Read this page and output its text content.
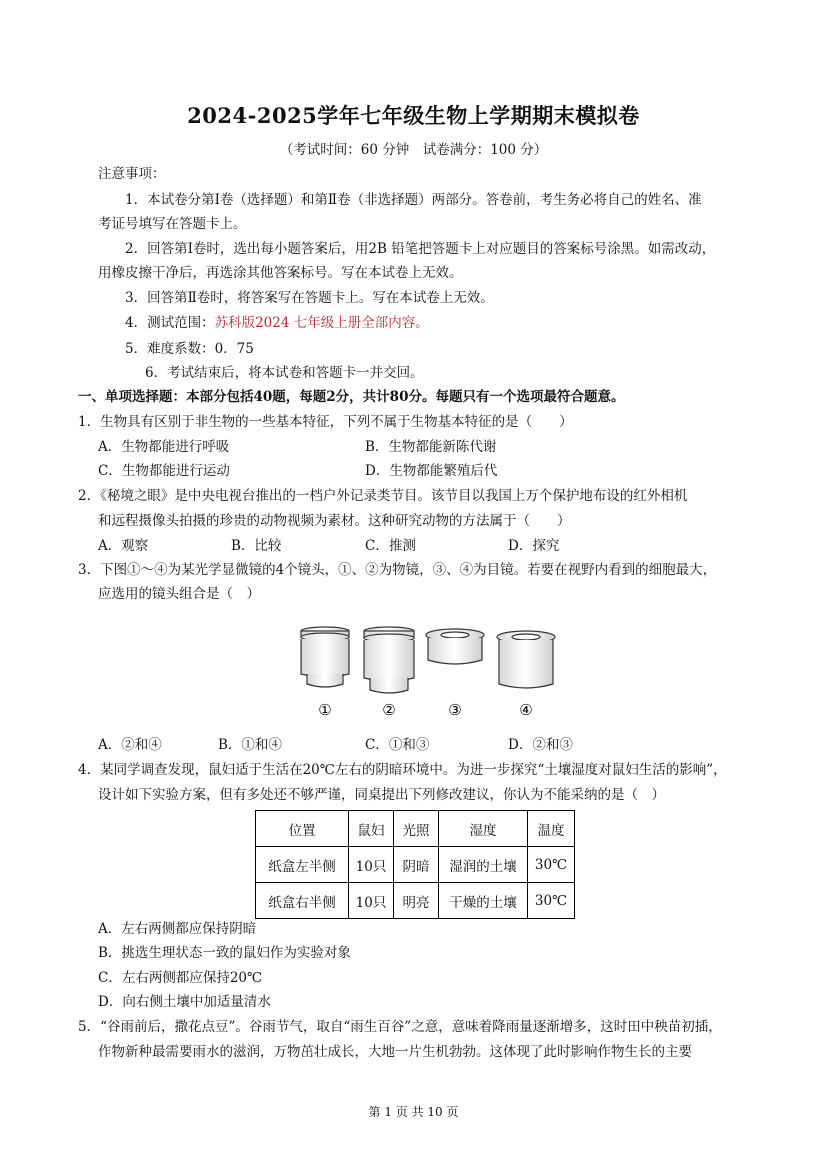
2024-2025学年七年级生物上学期期末模拟卷
（考试时间：60 分钟　试卷满分：100 分）
注意事项：
1．本试卷分第Ⅰ卷（选择题）和第Ⅱ卷（非选择题）两部分。答卷前，考生务必将自己的姓名、准
考证号填写在答题卡上。
2．回答第Ⅰ卷时，选出每小题答案后，用2B 铅笔把答题卡上对应题目的答案标号涂黑。如需改动，
用橡皮擦干净后，再选涂其他答案标号。写在本试卷上无效。
3．回答第Ⅱ卷时，将答案写在答题卡上。写在本试卷上无效。
4．测试范围：苏科版2024 七年级上册全部内容。
5．难度系数：0．75
6．考试结束后，将本试卷和答题卡一并交回。
一、单项选择题：本部分包括40题，每题2分，共计80分。每题只有一个选项最符合题意。
1．生物具有区别于非生物的一些基本特征，下列不属于生物基本特征的是（　　）
A．生物都能进行呼吸	B．生物都能新陈代谢
C．生物都能进行运动	D．生物都能繁殖后代
2．《秘境之眼》是中央电视台推出的一档户外记录类节目。该节目以我国上万个保护地布设的红外相机
和远程摄像头拍摄的珍贵的动物视频为素材。这种研究动物的方法属于（　　）
A．观察	B．比较	C．推测	D．探究
3．下图①～④为某光学显微镜的4个镜头，①、②为物镜，③、④为目镜。若要在视野内看到的细胞最大，
应选用的镜头组合是（　）
①	②	③	④
A．②和④	B．①和④	C．①和③	D．②和③
4．某同学调查发现，鼠妇适于生活在20℃左右的阴暗环境中。为进一步探究“土壤湿度对鼠妇生活的影响”，
设计如下实验方案，但有多处还不够严谨，同桌提出下列修改建议，你认为不能采纳的是（　）
位置	鼠妇	光照	湿度	温度
纸盒左半侧	10只	阴暗	湿润的土壤	30℃
纸盒右半侧	10只	明亮	干燥的土壤	30℃
A．左右两侧都应保持阴暗
B．挑选生理状态一致的鼠妇作为实验对象
C．左右两侧都应保持20℃
D．向右侧土壤中加适量清水
5．“谷雨前后，撒花点豆”。谷雨节气，取自“雨生百谷”之意，意味着降雨量逐渐增多，这时田中秧苗初插，
作物新种最需要雨水的滋润，万物茁壮成长，大地一片生机勃勃。这体现了此时影响作物生长的主要
第 1 页 共 10 页
